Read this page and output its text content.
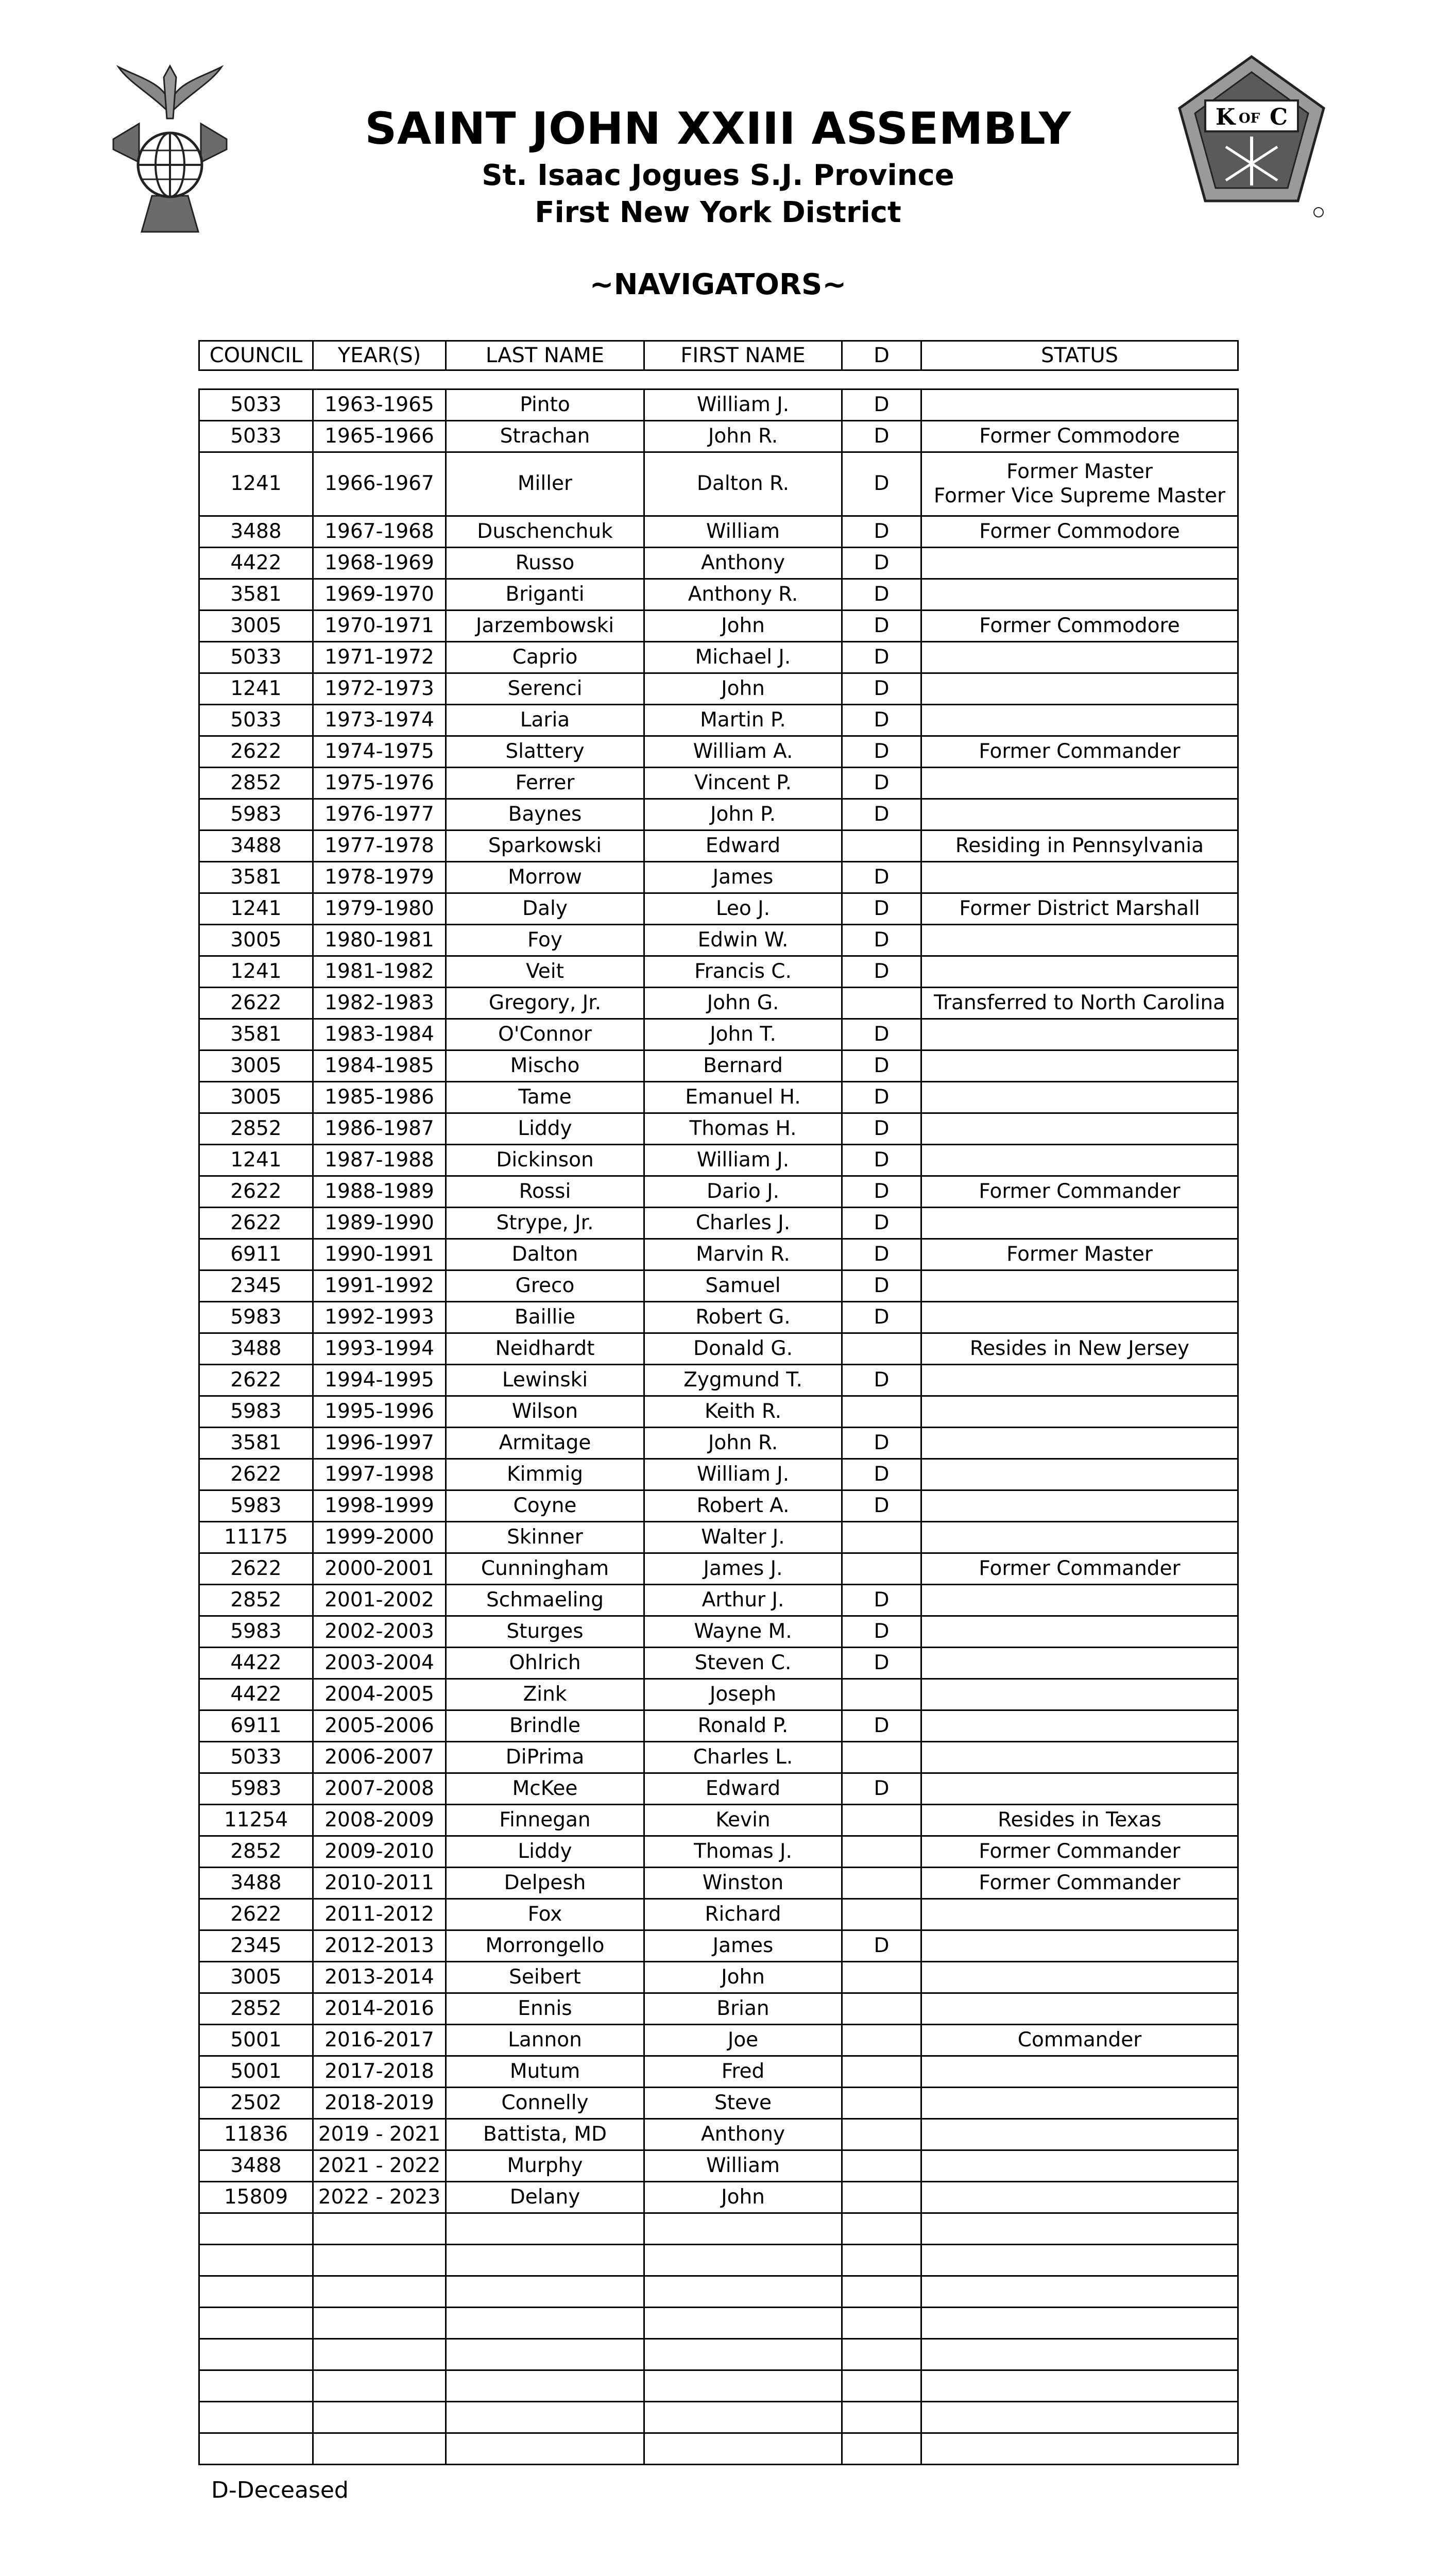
K OF C
SAINT JOHN XXIII ASSEMBLY
St. Isaac Jogues S.J. Province
First New York District
~NAVIGATORS~
COUNCIL	YEAR(S)	LAST NAME	FIRST NAME	D	STATUS
5033	1963-1965	Pinto	William J.	D	
5033	1965-1966	Strachan	John R.	D	Former Commodore
1241	1966-1967	Miller	Dalton R.	D	Former Master
Former Vice Supreme Master
3488	1967-1968	Duschenchuk	William	D	Former Commodore
4422	1968-1969	Russo	Anthony	D	
3581	1969-1970	Briganti	Anthony R.	D	
3005	1970-1971	Jarzembowski	John	D	Former Commodore
5033	1971-1972	Caprio	Michael J.	D	
1241	1972-1973	Serenci	John	D	
5033	1973-1974	Laria	Martin P.	D	
2622	1974-1975	Slattery	William A.	D	Former Commander
2852	1975-1976	Ferrer	Vincent P.	D	
5983	1976-1977	Baynes	John P.	D	
3488	1977-1978	Sparkowski	Edward		Residing in Pennsylvania
3581	1978-1979	Morrow	James	D	
1241	1979-1980	Daly	Leo J.	D	Former District Marshall
3005	1980-1981	Foy	Edwin W.	D	
1241	1981-1982	Veit	Francis C.	D	
2622	1982-1983	Gregory, Jr.	John G.		Transferred to North Carolina
3581	1983-1984	O'Connor	John T.	D	
3005	1984-1985	Mischo	Bernard	D	
3005	1985-1986	Tame	Emanuel H.	D	
2852	1986-1987	Liddy	Thomas H.	D	
1241	1987-1988	Dickinson	William J.	D	
2622	1988-1989	Rossi	Dario J.	D	Former Commander
2622	1989-1990	Strype, Jr.	Charles J.	D	
6911	1990-1991	Dalton	Marvin R.	D	Former Master
2345	1991-1992	Greco	Samuel	D	
5983	1992-1993	Baillie	Robert G.	D	
3488	1993-1994	Neidhardt	Donald G.		Resides in New Jersey
2622	1994-1995	Lewinski	Zygmund T.	D	
5983	1995-1996	Wilson	Keith R.		
3581	1996-1997	Armitage	John R.	D	
2622	1997-1998	Kimmig	William J.	D	
5983	1998-1999	Coyne	Robert A.	D	
11175	1999-2000	Skinner	Walter J.		
2622	2000-2001	Cunningham	James J.		Former Commander
2852	2001-2002	Schmaeling	Arthur J.	D	
5983	2002-2003	Sturges	Wayne M.	D	
4422	2003-2004	Ohlrich	Steven C.	D	
4422	2004-2005	Zink	Joseph		
6911	2005-2006	Brindle	Ronald P.	D	
5033	2006-2007	DiPrima	Charles L.		
5983	2007-2008	McKee	Edward	D	
11254	2008-2009	Finnegan	Kevin		Resides in Texas
2852	2009-2010	Liddy	Thomas J.		Former Commander
3488	2010-2011	Delpesh	Winston		Former Commander
2622	2011-2012	Fox	Richard		
2345	2012-2013	Morrongello	James	D	
3005	2013-2014	Seibert	John		
2852	2014-2016	Ennis	Brian		
5001	2016-2017	Lannon	Joe		Commander
5001	2017-2018	Mutum	Fred		
2502	2018-2019	Connelly	Steve		
11836	2019 - 2021	Battista, MD	Anthony		
3488	2021 - 2022	Murphy	William		
15809	2022 - 2023	Delany	John		

D-Deceased
